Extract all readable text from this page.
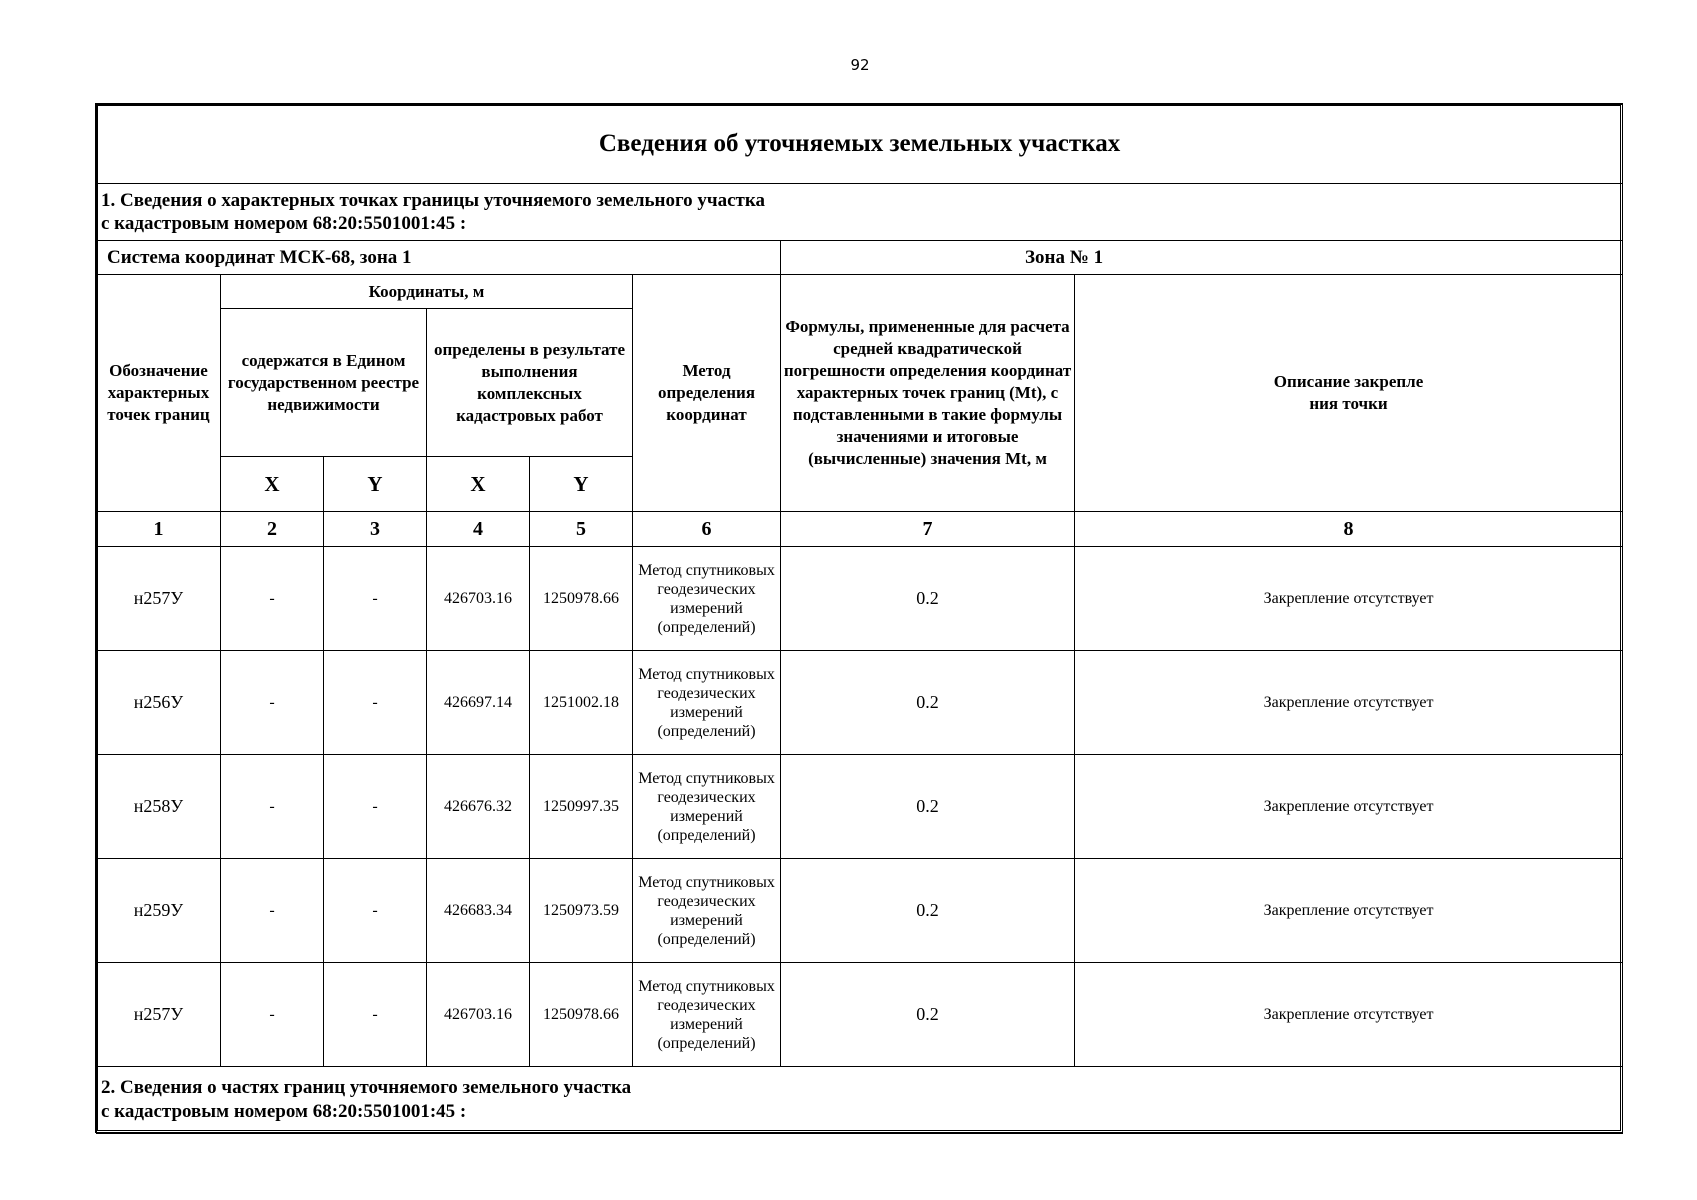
92
Сведения об уточняемых земельных участках							

1. Сведения о характерных точках границы уточняемого земельного участка
с кадастровым номером 68:20:5501001:45 :							

Система координат МСК-68, зона 1						Зона № 1	
Обозначение характерных точек границ	Координаты, м				Метод определения координат	Формулы, примененные для расчета средней квадратической погрешности определения координат характерных точек границ (Mt), с подставленными в такие формулы значениями и итоговые (вычисленные) значения Mt, м	Описание закрепле
ния точки

	содержатся в Едином государственном реестре недвижимости		определены в результате выполнения комплексных кадастровых работ				
	X	Y	X	Y			
1	2	3	4	5	6	7	8
н257У	-	-	426703.16	1250978.66	Метод спутниковых геодезических измерений (определений)	0.2	Закрепление отсутствует
н256У	-	-	426697.14	1251002.18	Метод спутниковых геодезических измерений (определений)	0.2	Закрепление отсутствует
н258У	-	-	426676.32	1250997.35	Метод спутниковых геодезических измерений (определений)	0.2	Закрепление отсутствует
н259У	-	-	426683.34	1250973.59	Метод спутниковых геодезических измерений (определений)	0.2	Закрепление отсутствует
н257У	-	-	426703.16	1250978.66	Метод спутниковых геодезических измерений (определений)	0.2	Закрепление отсутствует

2. Сведения о частях границ уточняемого земельного участка
с кадастровым номером 68:20:5501001:45 :							
